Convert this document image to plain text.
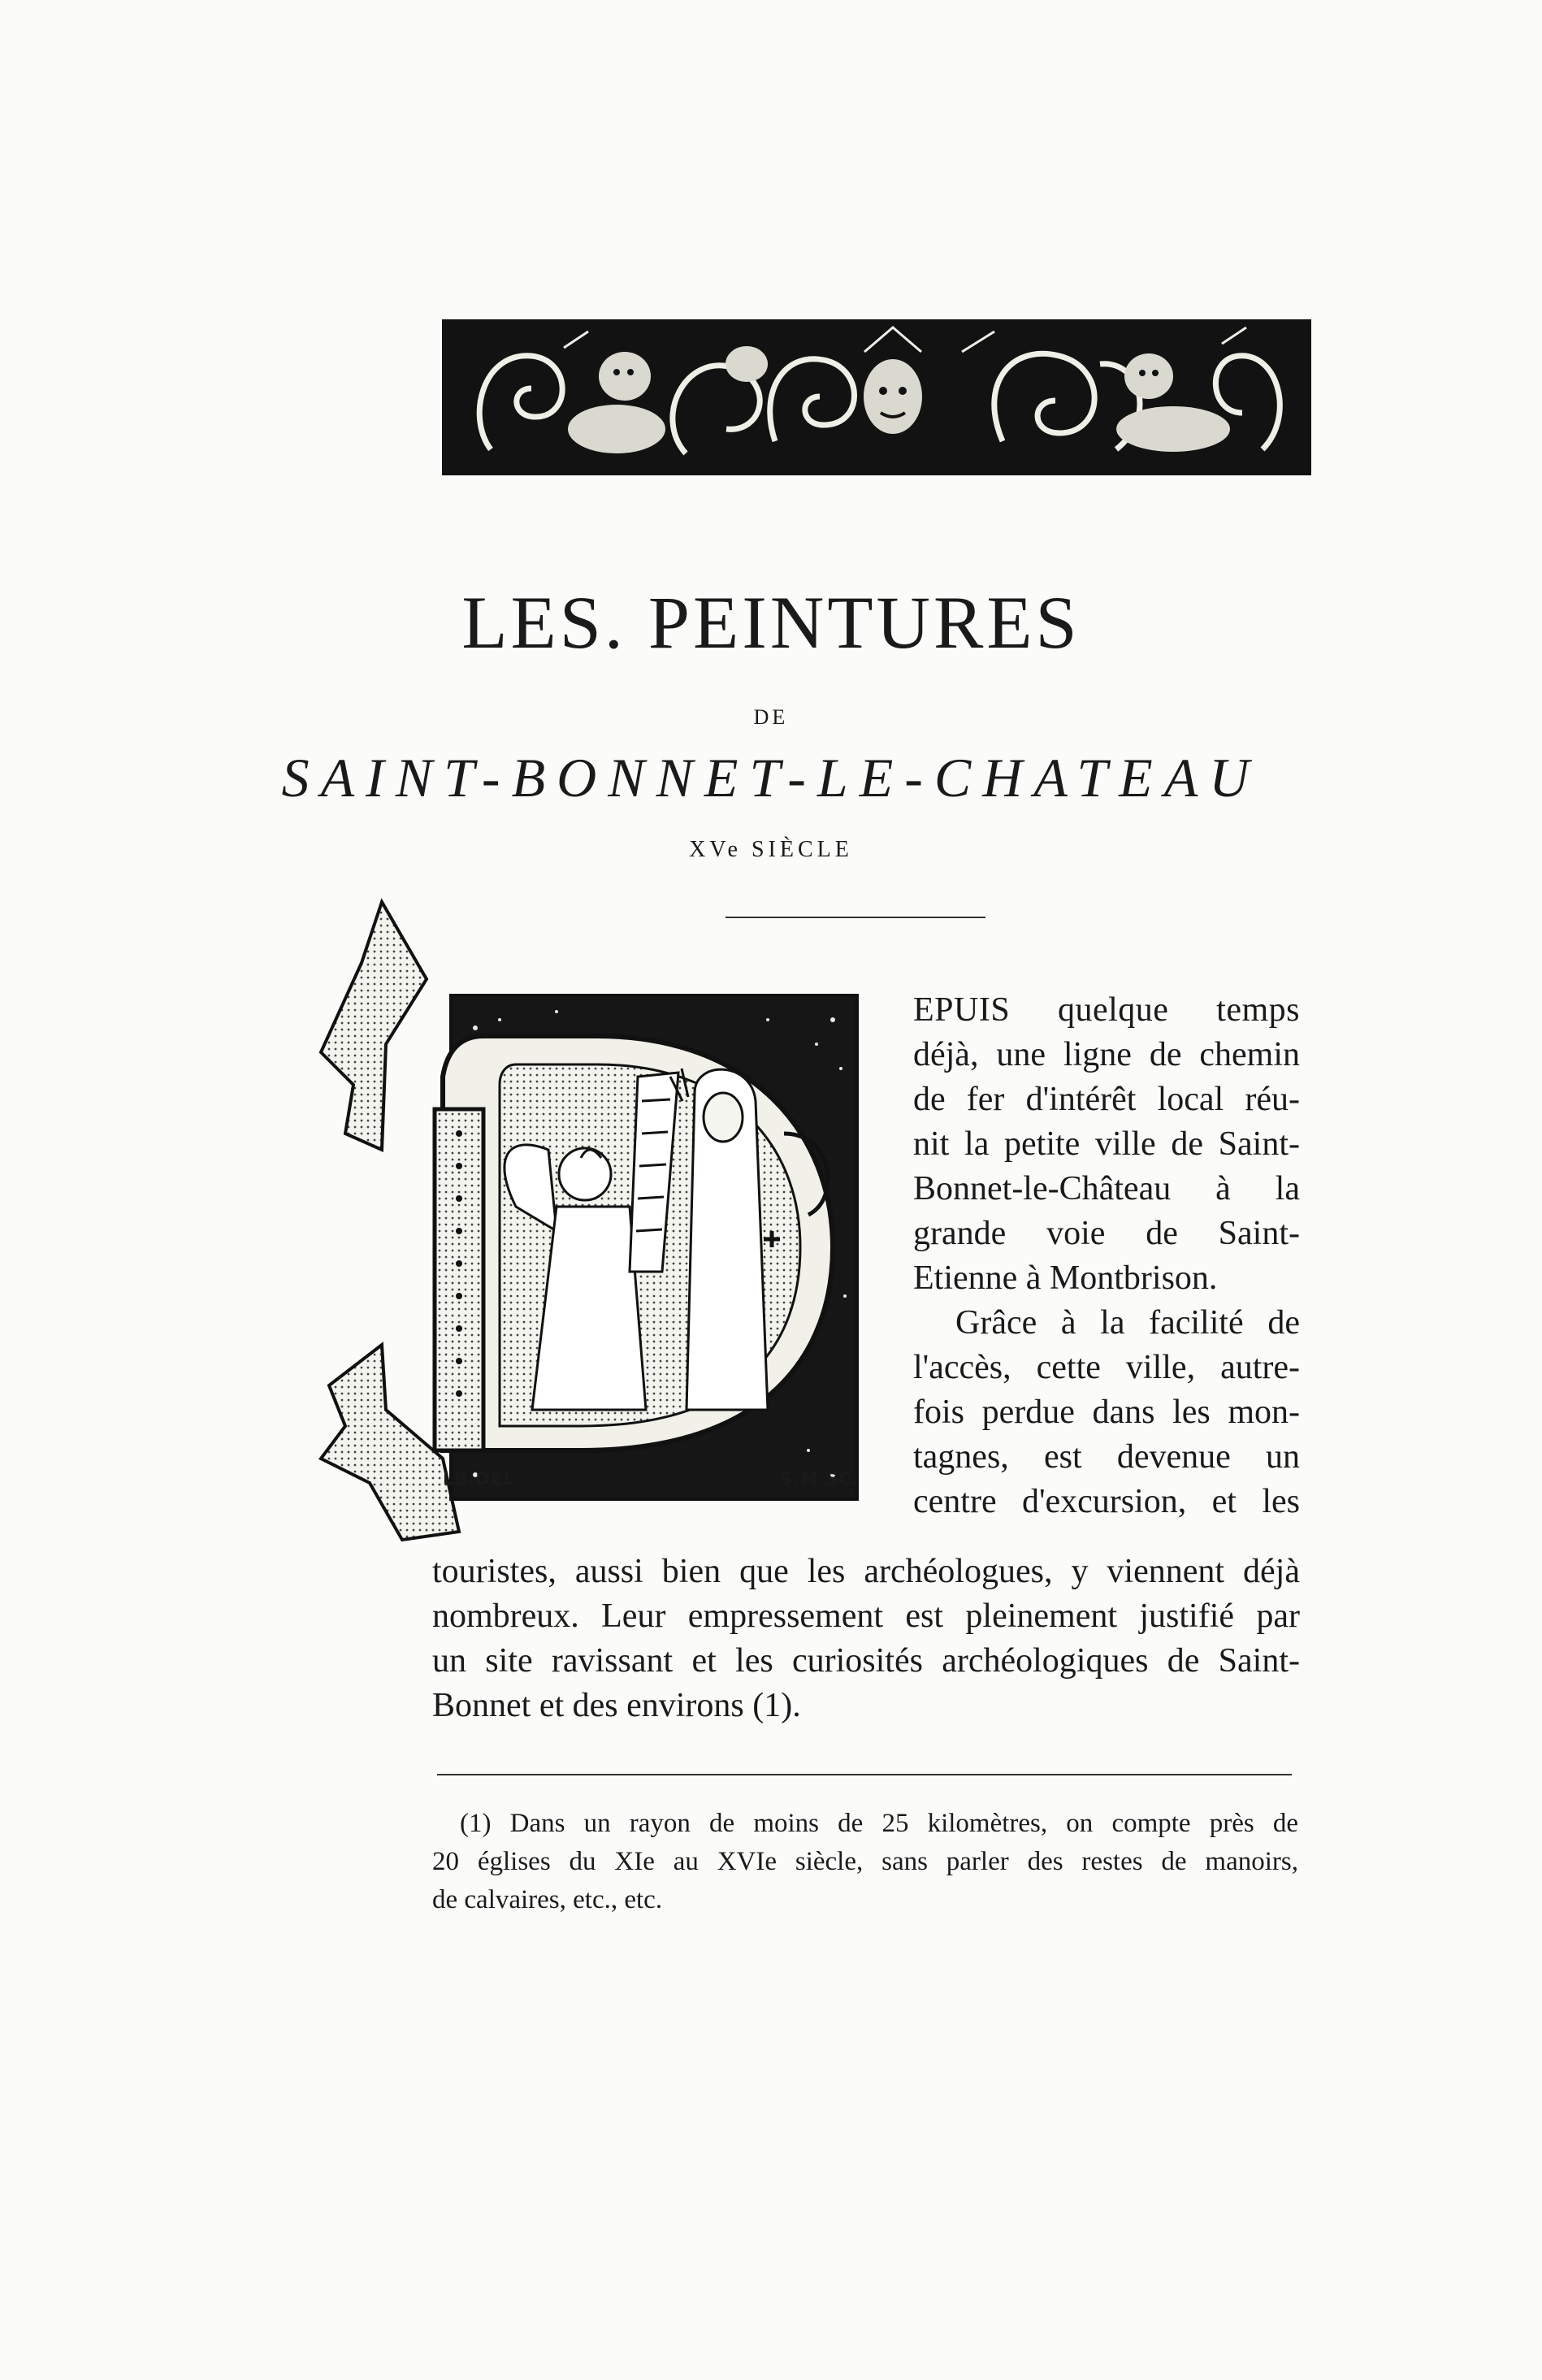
LES. PEINTURES
DE
SAINT-BONNET-LE-CHATEAU
XVe SIÈCLE
LB.DEL.	S.M.SC.
EPUIS quelque temps
déjà, une ligne de chemin
de fer d'intérêt local réu-
nit la petite ville de Saint-
Bonnet-le-Château à la
grande voie de Saint-
Etienne à Montbrison.
Grâce à la facilité de
l'accès, cette ville, autre-
fois perdue dans les mon-
tagnes, est devenue un
centre d'excursion, et les
touristes, aussi bien que les archéologues, y viennent déjà
nombreux. Leur empressement est pleinement justifié par
un site ravissant et les curiosités archéologiques de Saint-
Bonnet et des environs (1).
(1) Dans un rayon de moins de 25 kilomètres, on compte près de
20 églises du XIe au XVIe siècle, sans parler des restes de manoirs,
de calvaires, etc., etc.
